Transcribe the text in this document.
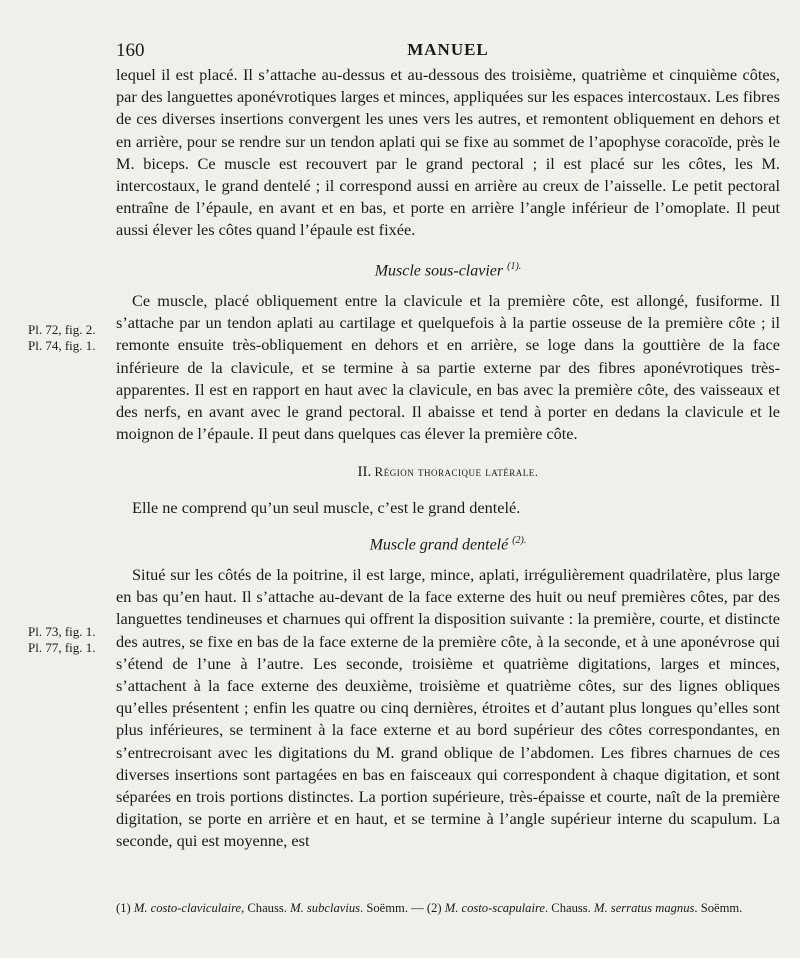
160	MANUEL

lequel il est placé. Il s’attache au-dessus et au-dessous des troisième, quatrième et cinquième côtes, par des languettes aponévrotiques larges et minces, appliquées sur les espaces intercostaux. Les fibres de ces diverses insertions convergent les unes vers les autres, et remontent obliquement en dehors et en arrière, pour se rendre sur un tendon aplati qui se fixe au sommet de l’apophyse coracoïde, près le M. biceps. Ce muscle est recouvert par le grand pectoral ; il est placé sur les côtes, les M. intercostaux, le grand dentelé ; il correspond aussi en arrière au creux de l’aisselle. Le petit pectoral entraîne de l’épaule, en avant et en bas, et porte en arrière l’angle inférieur de l’omoplate. Il peut aussi élever les côtes quand l’épaule est fixée.

Muscle sous-clavier $^{(1).}$

Ce muscle, placé obliquement entre la clavicule et la première côte, est allongé, fusiforme. Il s’attache par un tendon aplati au cartilage et quelquefois à la partie osseuse de la première côte ; il remonte ensuite très-obliquement en dehors et en arrière, se loge dans la gouttière de la face inférieure de la clavicule, et se termine à sa partie externe par des fibres aponévrotiques très-apparentes. Il est en rapport en haut avec la clavicule, en bas avec la première côte, des vaisseaux et des nerfs, en avant avec le grand pectoral. Il abaisse et tend à porter en dedans la clavicule et le moignon de l’épaule. Il peut dans quelques cas élever la première côte.

II. Région thoracique latérale.

Elle ne comprend qu’un seul muscle, c’est le grand dentelé.

Muscle grand dentelé $^{(2).}$

Situé sur les côtés de la poitrine, il est large, mince, aplati, irrégulièrement quadrilatère, plus large en bas qu’en haut. Il s’attache au-devant de la face externe des huit ou neuf premières côtes, par des languettes tendineuses et charnues qui offrent la disposition suivante : la première, courte, et distincte des autres, se fixe en bas de la face externe de la première côte, à la seconde, et à une aponévrose qui s’étend de l’une à l’autre. Les seconde, troisième et quatrième digitations, larges et minces, s’attachent à la face externe des deuxième, troisième et quatrième côtes, sur des lignes obliques qu’elles présentent ; enfin les quatre ou cinq dernières, étroites et d’autant plus longues qu’elles sont plus inférieures, se terminent à la face externe et au bord supérieur des côtes correspondantes, en s’entrecroisant avec les digitations du M. grand oblique de l’abdomen. Les fibres charnues de ces diverses insertions sont partagées en bas en faisceaux qui correspondent à chaque digitation, et sont séparées en trois portions distinctes. La portion supérieure, très-épaisse et courte, naît de la première digitation, se porte en arrière et en haut, et se termine à l’angle supérieur interne du scapulum. La seconde, qui est moyenne, est

Pl. 72, fig. 2.
Pl. 74, fig. 1.
Pl. 73, fig. 1.
Pl. 77, fig. 1.
(1) M. costo-claviculaire, Chauss. M. subclavius. Soëmm. — (2) M. costo-scapulaire. Chauss. M. serratus magnus. Soëmm.
